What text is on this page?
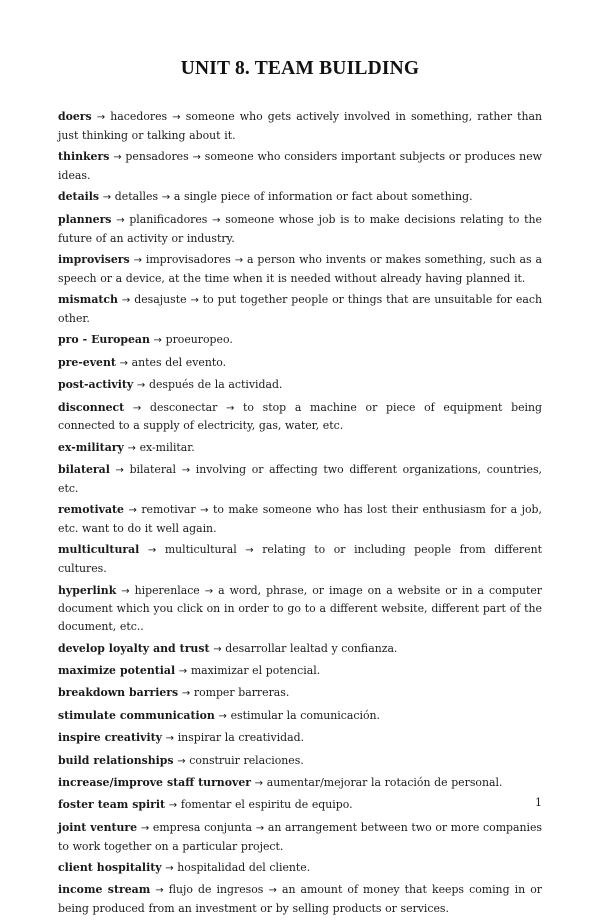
UNIT 8. TEAM BUILDING

doers → hacedores → someone who gets actively involved in something, rather than just thinking or talking about it.

thinkers → pensadores → someone who considers important subjects or produces new ideas.

details → detalles → a single piece of information or fact about something.

planners → planificadores → someone whose job is to make decisions relating to the future of an activity or industry.

improvisers → improvisadores → a person who invents or makes something, such as a speech or a device, at the time when it is needed without already having planned it.

mismatch → desajuste → to put together people or things that are unsuitable for each other.

pro - European → proeuropeo.

pre-event → antes del evento.

post-activity → después de la actividad.

disconnect → desconectar → to stop a machine or piece of equipment being connected to a supply of electricity, gas, water, etc.

ex-military → ex-militar.

bilateral → bilateral → involving or affecting two different organizations, countries, etc.

remotivate → remotivar → to make someone who has lost their enthusiasm for a job, etc. want to do it well again.

multicultural → multicultural → relating to or including people from different cultures.

hyperlink → hiperenlace → a word, phrase, or image on a website or in a computer document which you click on in order to go to a different website, different part of the document, etc..

develop loyalty and trust → desarrollar lealtad y confianza.

maximize potential → maximizar el potencial.

breakdown barriers → romper barreras.

stimulate communication → estimular la comunicación.

inspire creativity → inspirar la creatividad.

build relationships → construir relaciones.

increase/improve staff turnover → aumentar/mejorar la rotación de personal.

foster team spirit → fomentar el espiritu de equipo.

joint venture → empresa conjunta → an arrangement between two or more companies to work together on a particular project.

client hospitality → hospitalidad del cliente.

income stream → flujo de ingresos → an amount of money that keeps coming in or being produced from an investment or by selling products or services.

1
